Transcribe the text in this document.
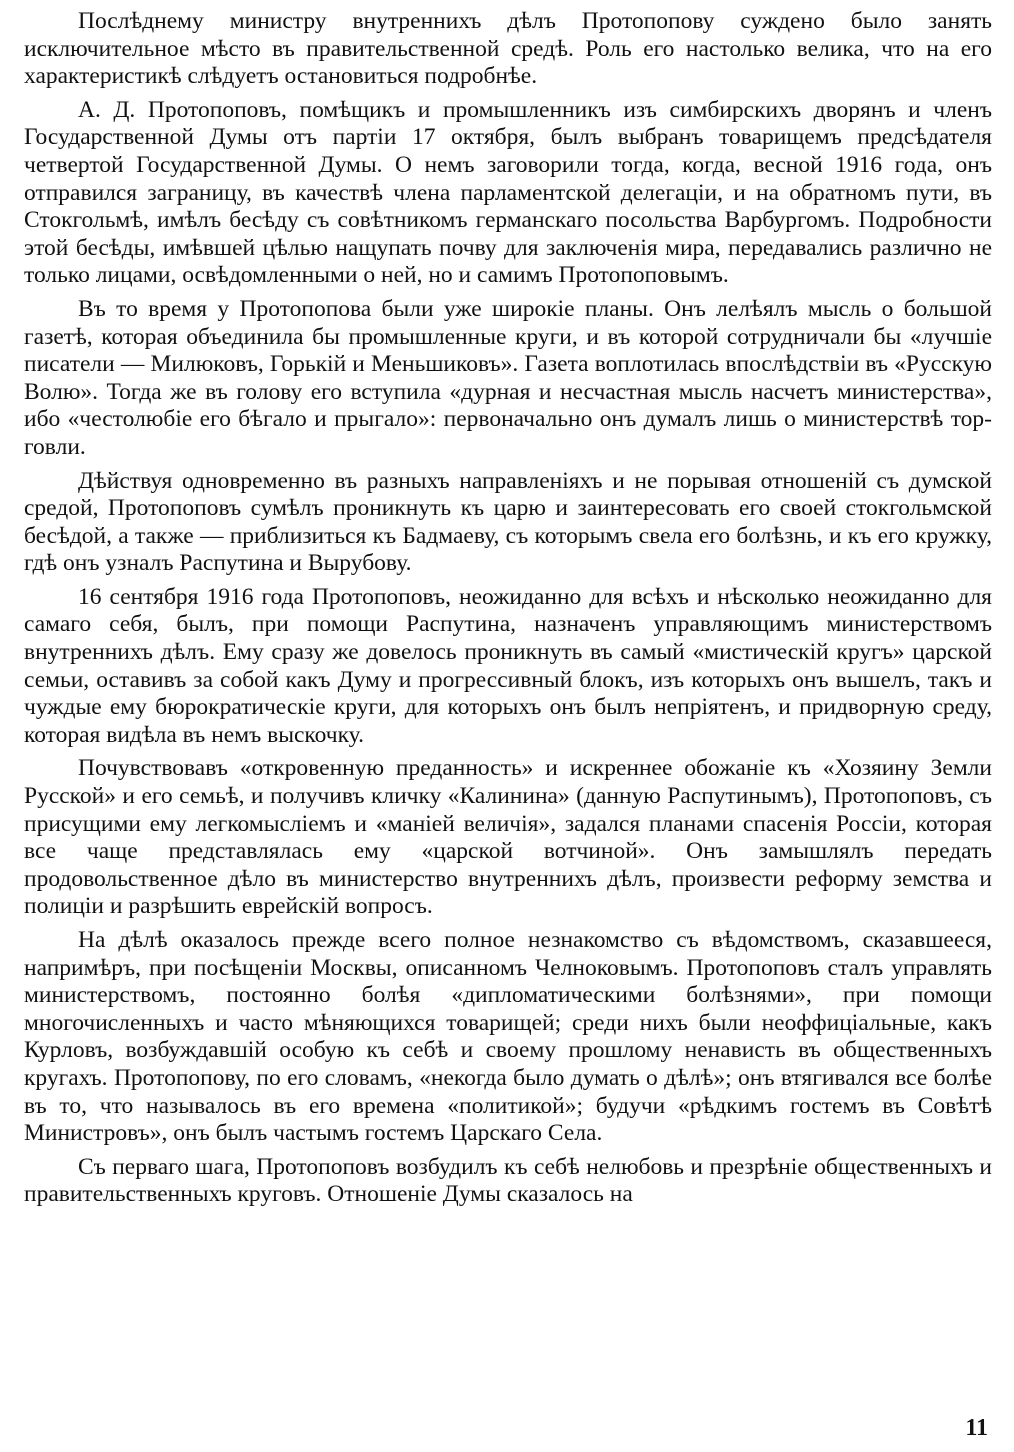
Послѣднему министру внутреннихъ дѣлъ Протопопову суждено было занять исключительное мѣсто въ правительственной средѣ. Роль его настолько велика, что на его характеристикѣ слѣдуетъ остановиться подробнѣе.

А. Д. Протопоповъ, помѣщикъ и промышленникъ изъ симбирскихъ дворянъ и членъ Государственной Думы отъ партіи 17 октября, былъ выбранъ товарищемъ предсѣдателя четвертой Государственной Думы. О немъ заговорили тогда, когда, весной 1916 года, онъ отправился заграницу, въ качествѣ члена парламентской делегаціи, и на обратномъ пути, въ Стокгольмѣ, имѣлъ бесѣду съ совѣтникомъ германскаго посольства Варбургомъ. Подробности этой бесѣды, имѣвшей цѣлью нащупать почву для заключенія мира, передавались различно не только лицами, освѣдомленными о ней, но и самимъ Протопоповымъ.

Въ то время у Протопопова были уже широкіе планы. Онъ лелѣялъ мысль о большой газетѣ, которая объединила бы промышленные круги, и въ которой сотрудничали бы «лучшіе писатели — Милюковъ, Горькій и Меньшиковъ». Газета воплотилась впослѣдствіи въ «Русскую Волю». Тогда же въ голову его вступила «дурная и несчастная мысль насчетъ министерства», ибо «честолюбіе его бѣгало и прыгало»: первоначально онъ думалъ лишь о министерствѣ торговли.

Дѣйствуя одновременно въ разныхъ направленіяхъ и не порывая отношеній съ думской средой, Протопоповъ сумѣлъ проникнуть къ царю и заинтересовать его своей стокгольмской бесѣдой, а также — приблизиться къ Бадмаеву, съ которымъ свела его болѣзнь, и къ его кружку, гдѣ онъ узналъ Распутина и Вырубову.

16 сентября 1916 года Протопоповъ, неожиданно для всѣхъ и нѣсколько неожиданно для самаго себя, былъ, при помощи Распутина, назначенъ управляющимъ министерствомъ внутреннихъ дѣлъ. Ему сразу же довелось проникнуть въ самый «мистическій кругъ» царской семьи, оставивъ за собой какъ Думу и прогрессивный блокъ, изъ которыхъ онъ вышелъ, такъ и чуждые ему бюрократическіе круги, для которыхъ онъ былъ непріятенъ, и придворную среду, которая видѣла въ немъ выскочку.

Почувствовавъ «откровенную преданность» и искреннее обожаніе къ «Хозяину Земли Русской» и его семьѣ, и получивъ кличку «Калинина» (данную Распутинымъ), Протопоповъ, съ присущими ему легкомысліемъ и «маніей величія», задался планами спасенія Россіи, которая все чаще представлялась ему «царской вотчиной». Онъ замышлялъ передать продовольственное дѣло въ министерство внутреннихъ дѣлъ, произвести реформу земства и полиціи и разрѣшить еврейскій вопросъ.

На дѣлѣ оказалось прежде всего полное незнакомство съ вѣдомствомъ, сказавшееся, напримѣръ, при посѣщеніи Москвы, описанномъ Челноковымъ. Протопоповъ сталъ управлять министерствомъ, постоянно болѣя «дипломатическими болѣзнями», при помощи многочисленныхъ и часто мѣняющихся товарищей; среди нихъ были неоффиціальные, какъ Курловъ, возбуждавшій особую къ себѣ и своему прошлому ненависть въ общественныхъ кругахъ. Протопопову, по его словамъ, «некогда было думать о дѣлѣ»; онъ втягивался все болѣе въ то, что называлось въ его времена «политикой»; будучи «рѣдкимъ гостемъ въ Совѣтѣ Министровъ», онъ былъ частымъ гостемъ Царскаго Села.

Съ перваго шага, Протопоповъ возбудилъ къ себѣ нелюбовь и презрѣніе общественныхъ и правительственныхъ круговъ. Отношеніе Думы сказалось на

11
